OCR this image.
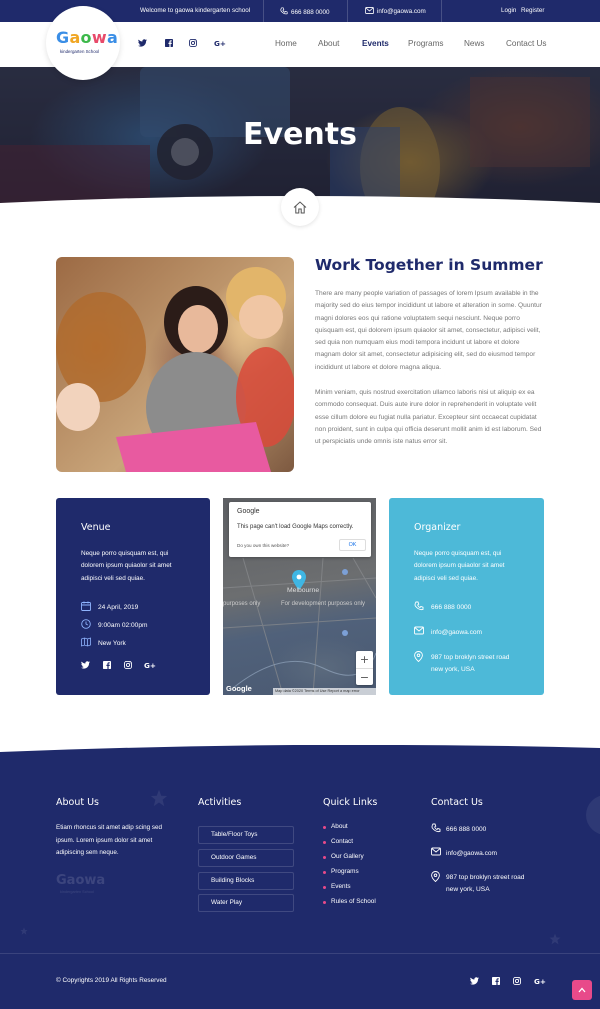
Welcome to gaowa kindergarten school	666 888 0000	info@gaowa.com	Login Register
Gaowa
kindergarten School
G+	Home	About	Events Programs	News	Contact Us
Events
Work Together in Summer
There are many people variation of passages of lorem Ipsum available in the majority sed do eius tempor incididunt ut labore et alteration in some. Quuntur magni dolores eos qui ratione voluptatem sequi nesciunt. Neque porro quisquam est, qui dolorem ipsum quiaolor sit amet, consectetur, adipisci velit, sed quia non numquam eius modi tempora incidunt ut labore et dolore magnam dolor sit amet, consectetur adipisicing elit, sed do eiusmod tempor incididunt ut labore et dolore magna aliqua.
Minim veniam, quis nostrud exercitation ullamco laboris nisi ut aliquip ex ea commodo consequat. Duis aute irure dolor in reprehenderit in voluptate velit esse cillum dolore eu fugiat nulla pariatur. Excepteur sint occaecat cupidatat non proident, sunt in culpa qui officia deserunt mollit anim id est laborum. Sed ut perspiciatis unde omnis iste natus error sit.
Venue
Neque porro quisquam est, qui dolorem ipsum quiaolor sit amet adipisci veli sed quiae.
24 April, 2019
9:00am 02:00pm
New York
G+
Google
This page can't load Google Maps correctly.
Do you own this website?	OK
Melbourne
purposes only	For development purposes only
+
−
Google	Map data ©2020 Terms of Use Report a map error
Organizer
Neque porro quisquam est, qui dolorem ipsum quiaolor sit amet adipisci veli sed quiae.
666 888 0000
info@gaowa.com
987 top broklyn street road
new york, USA
About Us
Etiam rhoncus sit amet adip scing sed ipsum. Lorem ipsum dolor sit amet adipiscing sem neque.
Gaowa
kindergarten School
Activities
Table/Floor Toys
Outdoor Games
Building Blocks
Water Play
Quick Links
About
Contact
Our Gallery
Programs
Events
Rules of School
Contact Us
666 888 0000
info@gaowa.com
987 top broklyn street road
new york, USA
© Copyrights 2019 All Rights Reserved	G+
